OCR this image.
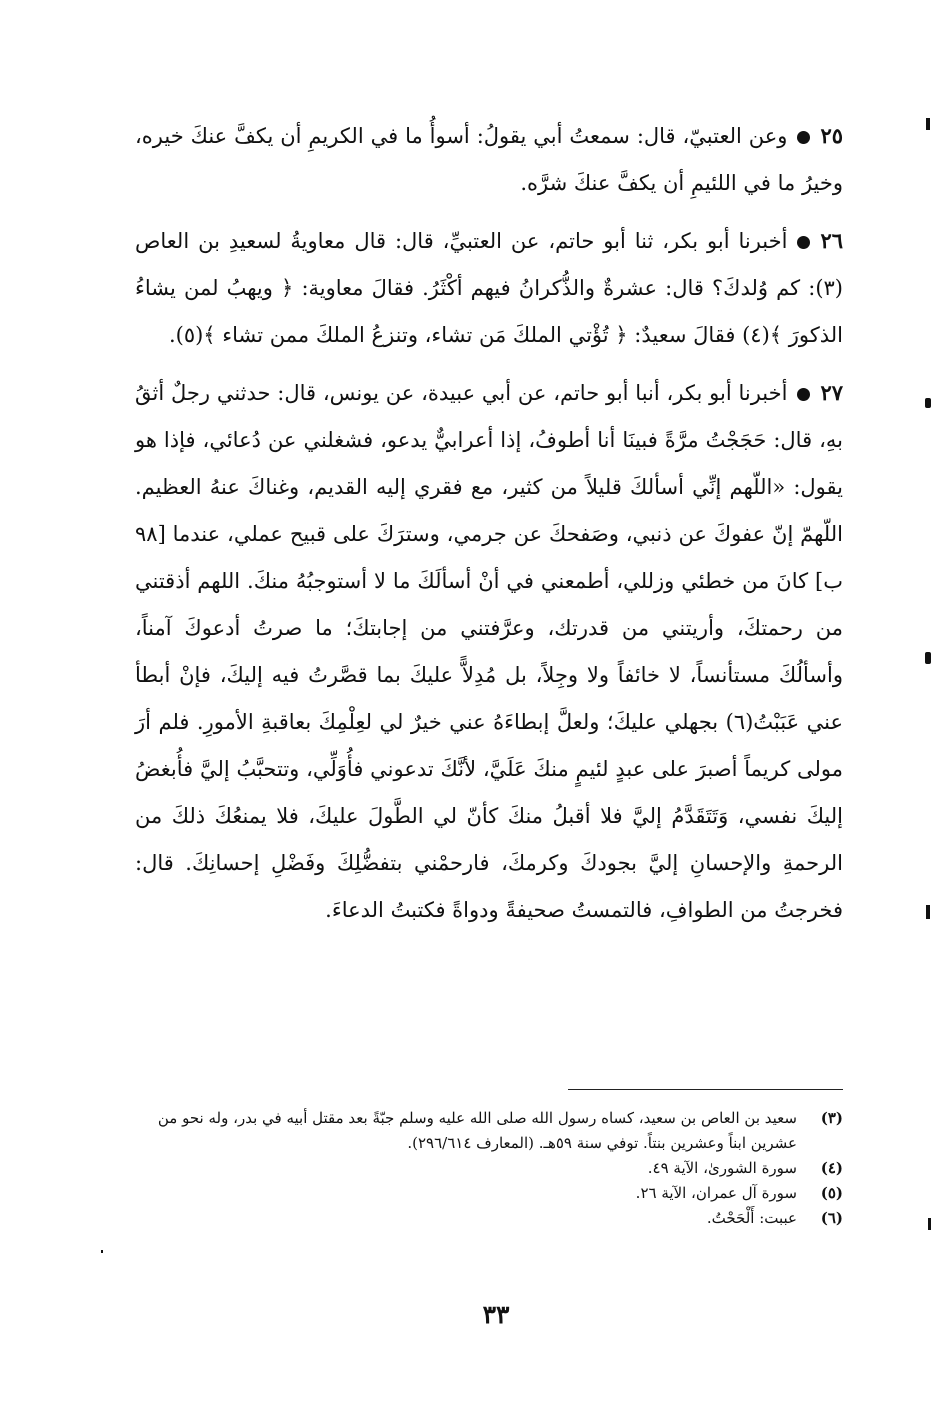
٢٥وعن العتبيّ، قال: سمعتُ أبي يقولُ: أسوأُ ما في الكريمِ أن يكفَّ عنكَ خيره، وخيرُ ما في اللئيمِ أن يكفَّ عنكَ شرَّه.

٢٦أخبرنا أبو بكر، ثنا أبو حاتم، عن العتبيِّ، قال: قال معاويةُ لسعيدِ بن العاص (٣): كم وُلدكَ؟ قال: عشرةٌ والذُّكرانُ فيهم أكْثَرُ. فقالَ معاوية: ﴿ ويهبُ لمن يشاءُ الذكورَ ﴾(٤) فقالَ سعيدٌ: ﴿ تُؤْتي الملكَ مَن تشاء، وتنزعُ الملكَ ممن تشاء ﴾(٥).

٢٧أخبرنا أبو بكر، أنبا أبو حاتم، عن أبي عبيدة، عن يونس، قال: حدثني رجلٌ أثقُ بهِ، قال: حَجَجْتُ مرَّةً فبينَا أنا أطوفُ، إذا أعرابيٌّ يدعو، فشغلني عن دُعائي، فإذا هو يقول: «اللّهم إنِّي أسألكَ قليلاً من كثير، مع فقري إليه القديم، وغناكَ عنهُ العظيم. اللّهمّ إنّ عفوكَ عن ذنبي، وصَفحكَ عن جرمي، وسترَكَ على قبيح عملي، عندما [٩٨ ب] كانَ من خطئي وزللي، أطمعني في أنْ أسألَكَ ما لا أستوجبُهُ منكَ. اللهم أذقتني من رحمتكَ، وأريتني من قدرتك، وعرَّفتني من إجابتكَ؛ ما صرتُ أدعوكَ آمناً، وأسألُكَ مستأنساً، لا خائفاً ولا وجِلاً، بل مُدِلاًّ عليكَ بما قصَّرتُ فيه إليكَ، فإنْ أبطأ عني عَبَبْتُ(٦) بجهلي عليكَ؛ ولعلَّ إبطاءَهُ عني خيرٌ لي لعِلْمِكَ بعاقبةِ الأمورِ. فلم أرَ مولى كريماً أصبرَ على عبدٍ لئيمٍ منكَ عَلَيَّ، لأنَّكَ تدعوني فأُوَلِّي، وتتحبَّبُ إليَّ فأُبغضُ إليكَ نفسي، وَتَتَقَدَّمُ إليَّ فلا أقبلُ منكَ كأنّ لي الطَّولَ عليكَ، فلا يمنعُكَ ذلكَ من الرحمةِ والإحسانِ إليَّ بجودكَ وكرمكَ، فارحمْني بتفضُّلِكَ وفَضْلِ إحسانِكَ. قال: فخرجتُ من الطوافِ، فالتمستُ صحيفةً ودواةً فكتبتُ الدعاءَ.

(٣)
سعيد بن العاص بن سعيد، كساه رسول الله صلى الله عليه وسلم جبّةً بعد مقتل أبيه في بدر، وله نحو من عشرين ابناً وعشرين بنتاً. توفي سنة ٥٩هـ. (المعارف ٢٩٦/٦١٤).
(٤)
سورة الشورىٰ، الآية ٤٩.
(٥)
سورة آل عمران، الآية ٢٦.
(٦)
عببت: أَلْحَحْتُ.
٣٣
